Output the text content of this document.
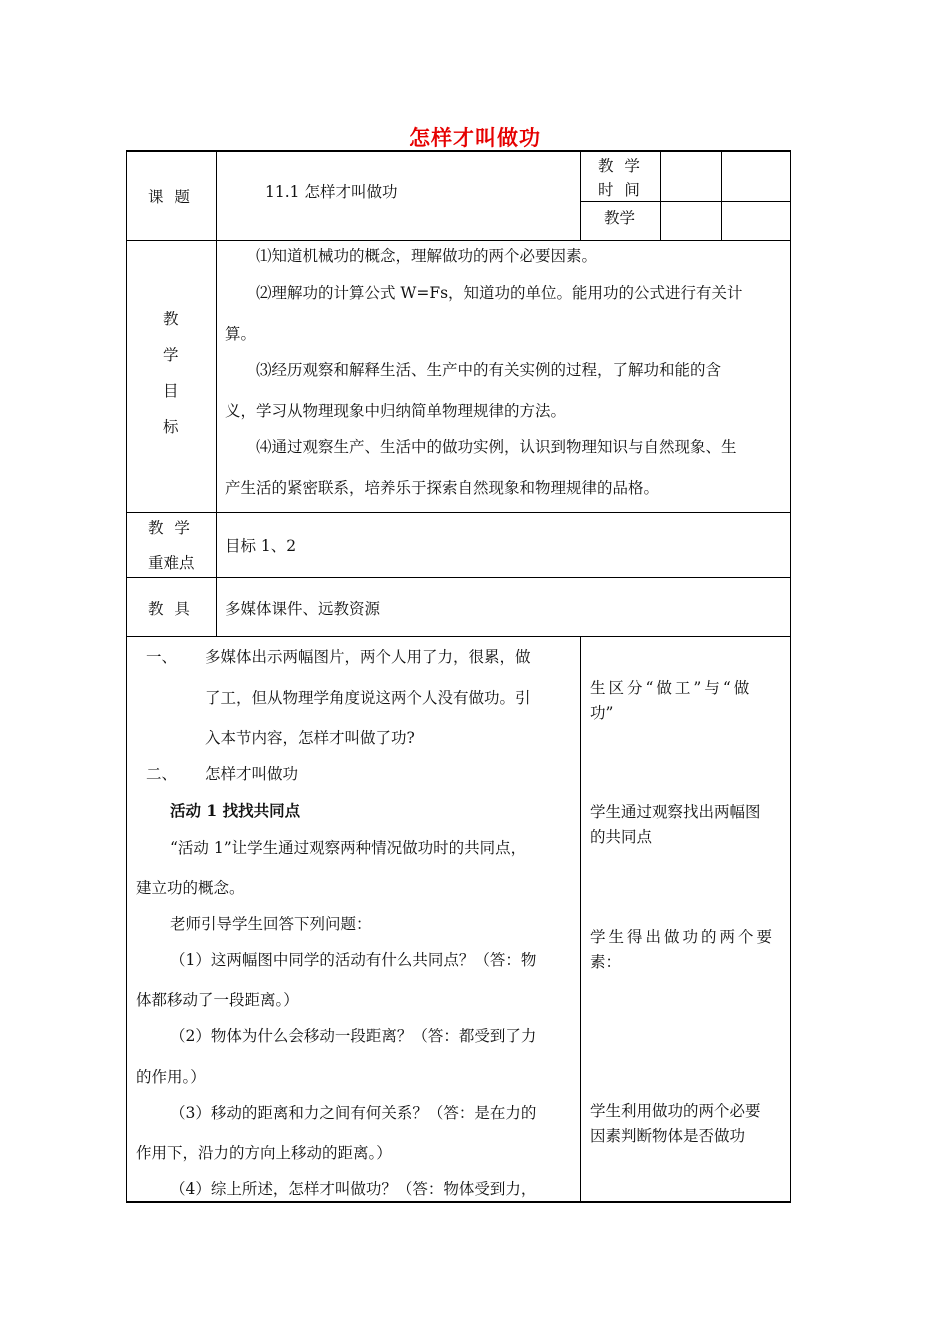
怎样才叫做功
课 题	11.1 怎样才叫做功
教 学
时 间
教学
教
学
目
标
⑴知道机械功的概念，理解做功的两个必要因素。
⑵理解功的计算公式 W=Fs，知道功的单位。能用功的公式进行有关计
算。
⑶经历观察和解释生活、生产中的有关实例的过程，了解功和能的含
义，学习从物理现象中归纳简单物理规律的方法。
⑷通过观察生产、生活中的做功实例，认识到物理知识与自然现象、生
产生活的紧密联系，培养乐于探索自然现象和物理规律的品格。
教 学
重难点
目标 1、2
教 具 多媒体课件、远教资源
一、 多媒体出示两幅图片，两个人用了力，很累，做
了工，但从物理学角度说这两个人没有做功。引
入本节内容，怎样才叫做了功?
二、 怎样才叫做功
活动 1 找找共同点
“活动 1”让学生通过观察两种情况做功时的共同点，
建立功的概念。
老师引导学生回答下列问题：
（1）这两幅图中同学的活动有什么共同点？（答：物
体都移动了一段距离。）
（2）物体为什么会移动一段距离？（答：都受到了力
的作用。）
（3）移动的距离和力之间有何关系？（答：是在力的
作用下，沿力的方向上移动的距离。）
（4）综上所述，怎样才叫做功？（答：物体受到力，
生区分“做工”与“做
功”
学生通过观察找出两幅图
的共同点
学生得出做功的两个要
素：
学生利用做功的两个必要
因素判断物体是否做功
